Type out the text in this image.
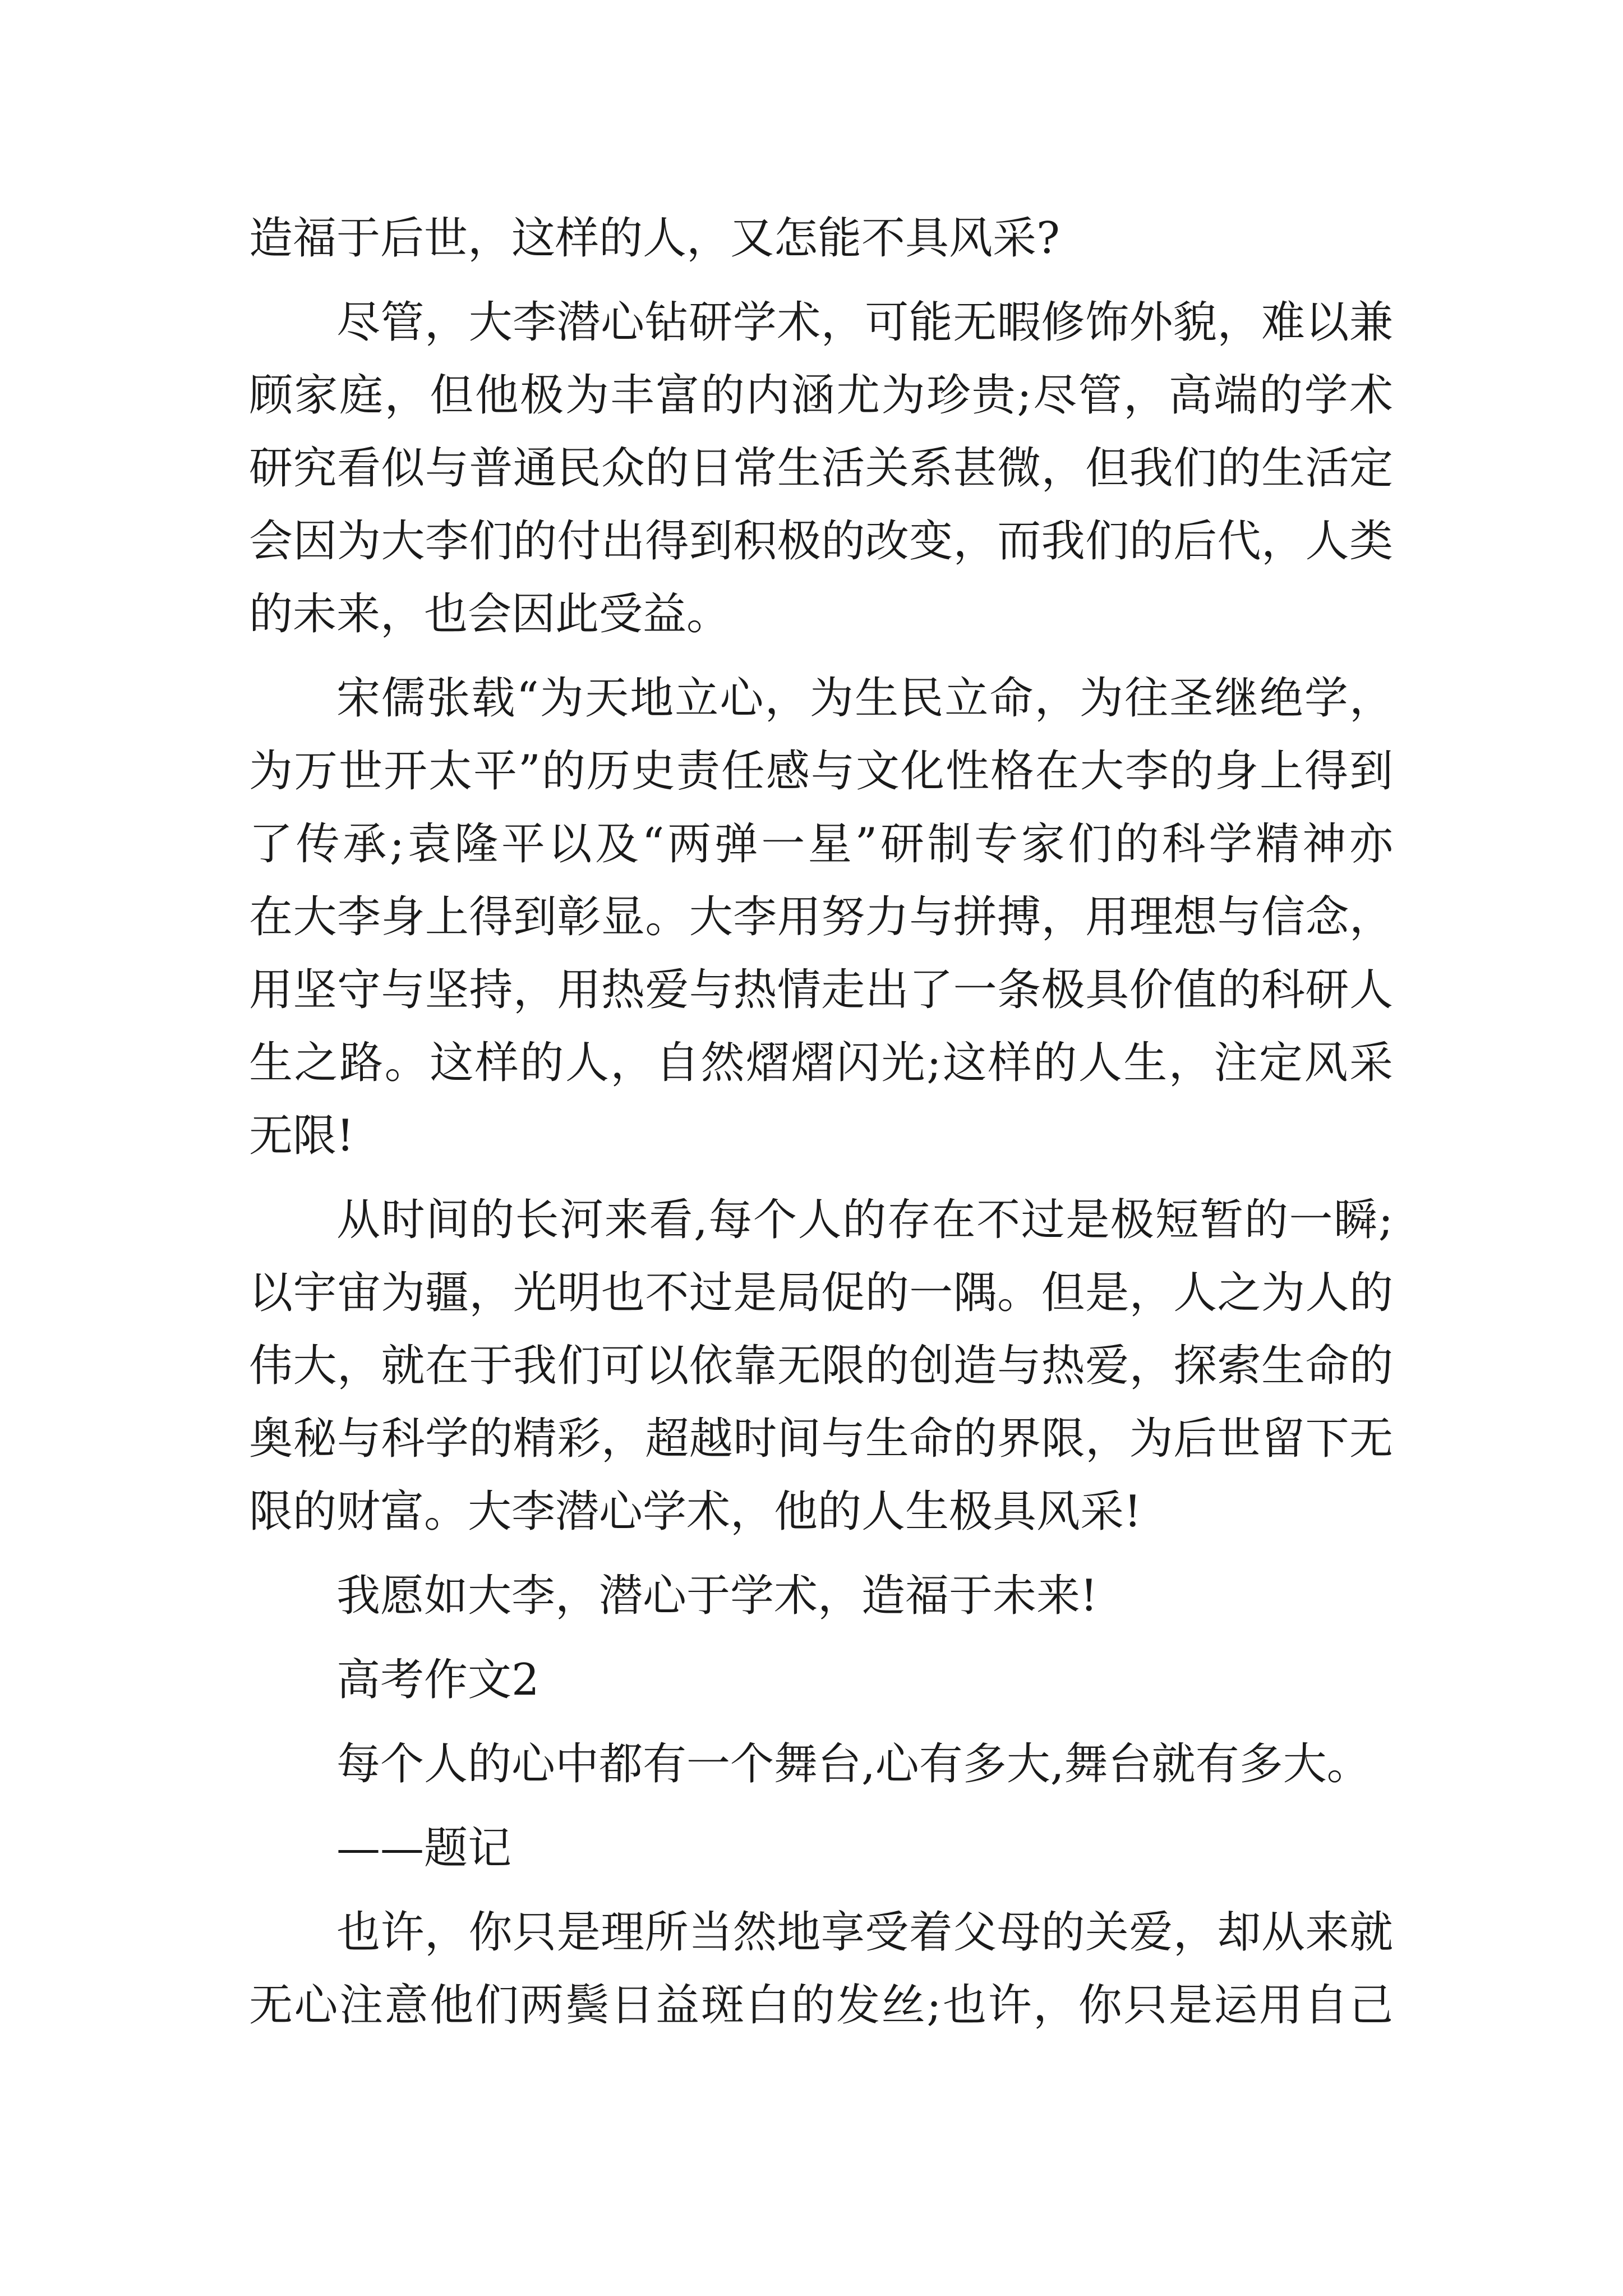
造福于后世，这样的人，又怎能不具风采?

尽管，大李潜心钻研学术，可能无暇修饰外貌，难以兼

顾家庭，但他极为丰富的内涵尤为珍贵;尽管，高端的学术

研究看似与普通民众的日常生活关系甚微，但我们的生活定

会因为大李们的付出得到积极的改变，而我们的后代，人类

的未来，也会因此受益。

宋儒张载“为天地立心，为生民立命，为往圣继绝学，

为万世开太平”的历史责任感与文化性格在大李的身上得到

了传承;袁隆平以及“两弹一星”研制专家们的科学精神亦

在大李身上得到彰显。大李用努力与拼搏，用理想与信念，

用坚守与坚持，用热爱与热情走出了一条极具价值的科研人

生之路。这样的人，自然熠熠闪光;这样的人生，注定风采

无限!

从时间的长河来看,每个人的存在不过是极短暂的一瞬;

以宇宙为疆，光明也不过是局促的一隅。但是，人之为人的

伟大，就在于我们可以依靠无限的创造与热爱，探索生命的

奥秘与科学的精彩，超越时间与生命的界限，为后世留下无

限的财富。大李潜心学术，他的人生极具风采!

我愿如大李，潜心于学术，造福于未来!

高考作文2

每个人的心中都有一个舞台,心有多大,舞台就有多大。

——题记

也许，你只是理所当然地享受着父母的关爱，却从来就

无心注意他们两鬓日益斑白的发丝;也许，你只是运用自己
